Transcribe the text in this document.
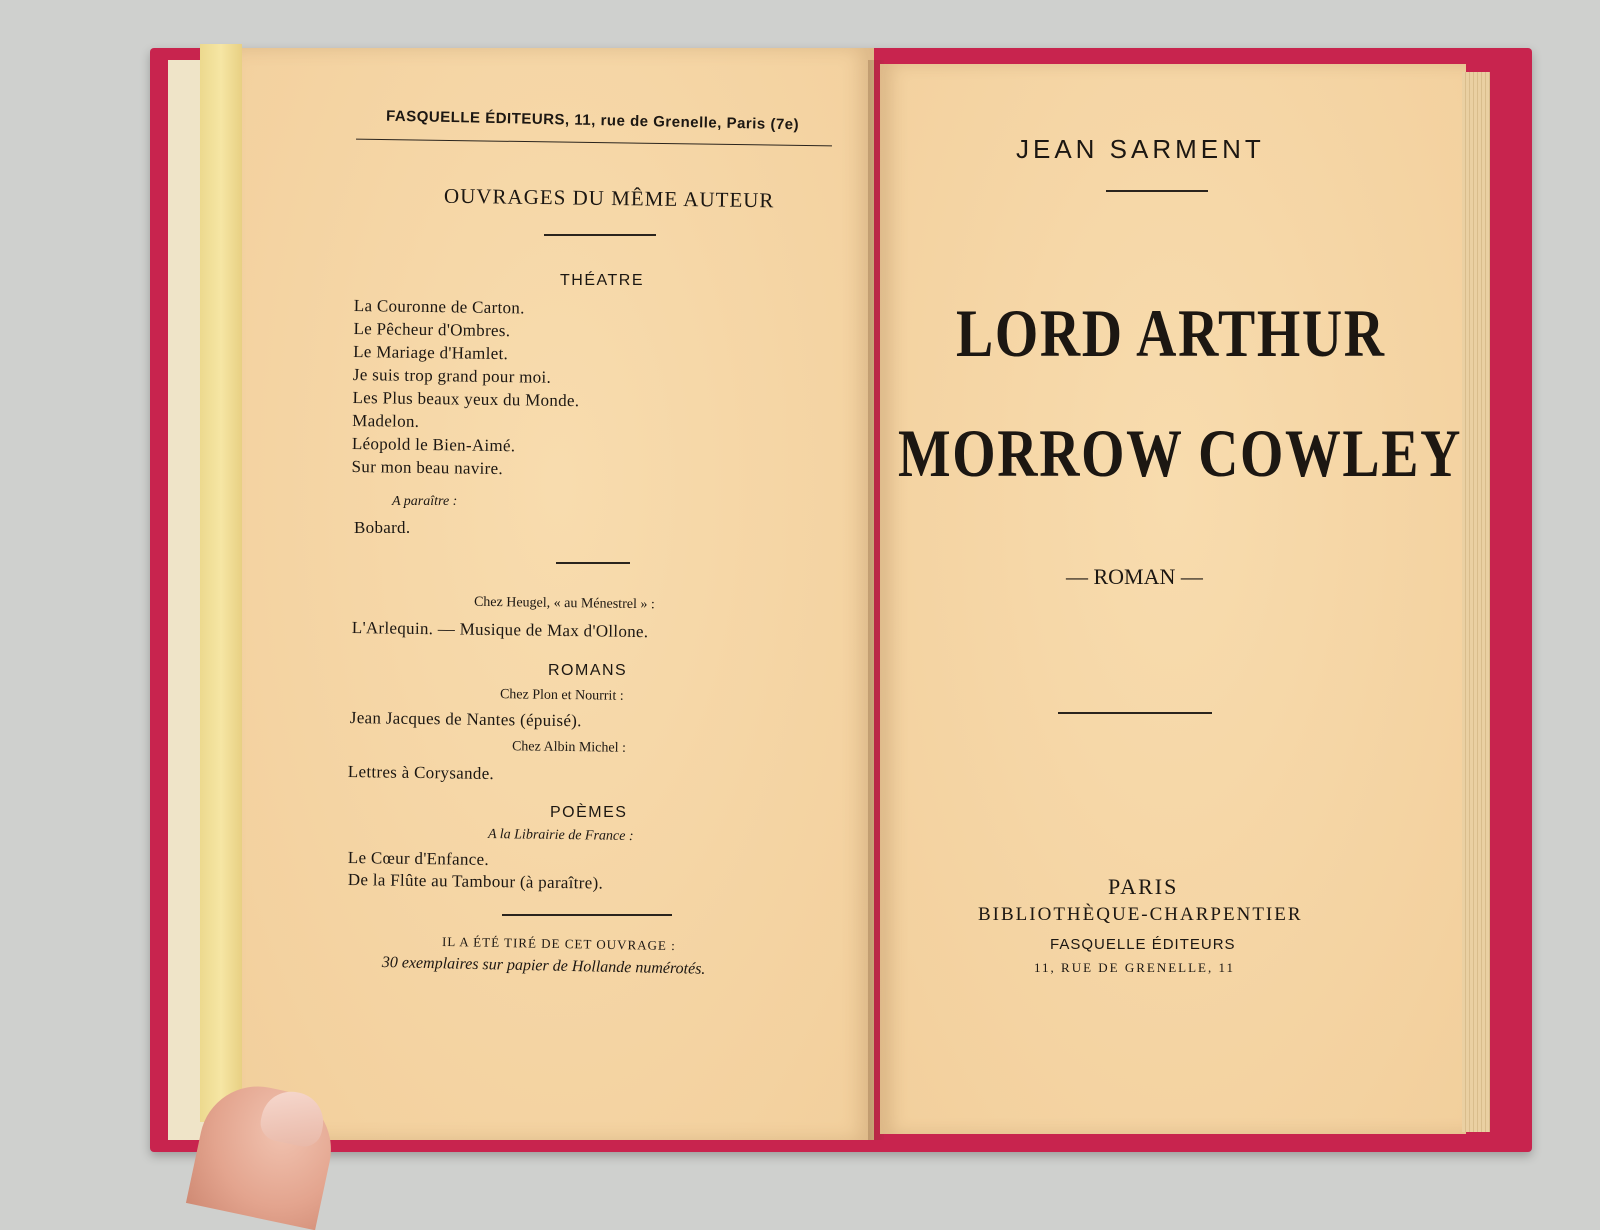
FASQUELLE ÉDITEURS, 11, rue de Grenelle, Paris (7e)
OUVRAGES DU MÊME AUTEUR
THÉATRE
La Couronne de Carton.
Le Pêcheur d'Ombres.
Le Mariage d'Hamlet.
Je suis trop grand pour moi.
Les Plus beaux yeux du Monde.
Madelon.
Léopold le Bien-Aimé.
Sur mon beau navire.
A paraître :
Bobard.
Chez Heugel, « au Ménestrel » :
L'Arlequin. — Musique de Max d'Ollone.
ROMANS
Chez Plon et Nourrit :
Jean Jacques de Nantes (épuisé).
Chez Albin Michel :
Lettres à Corysande.
POÈMES
A la Librairie de France :
Le Cœur d'Enfance.
De la Flûte au Tambour (à paraître).
IL A ÉTÉ TIRÉ DE CET OUVRAGE :
30 exemplaires sur papier de Hollande numérotés.
JEAN SARMENT
LORD ARTHUR
MORROW COWLEY
— ROMAN —
PARIS
BIBLIOTHÈQUE-CHARPENTIER
FASQUELLE ÉDITEURS
11, RUE DE GRENELLE, 11
